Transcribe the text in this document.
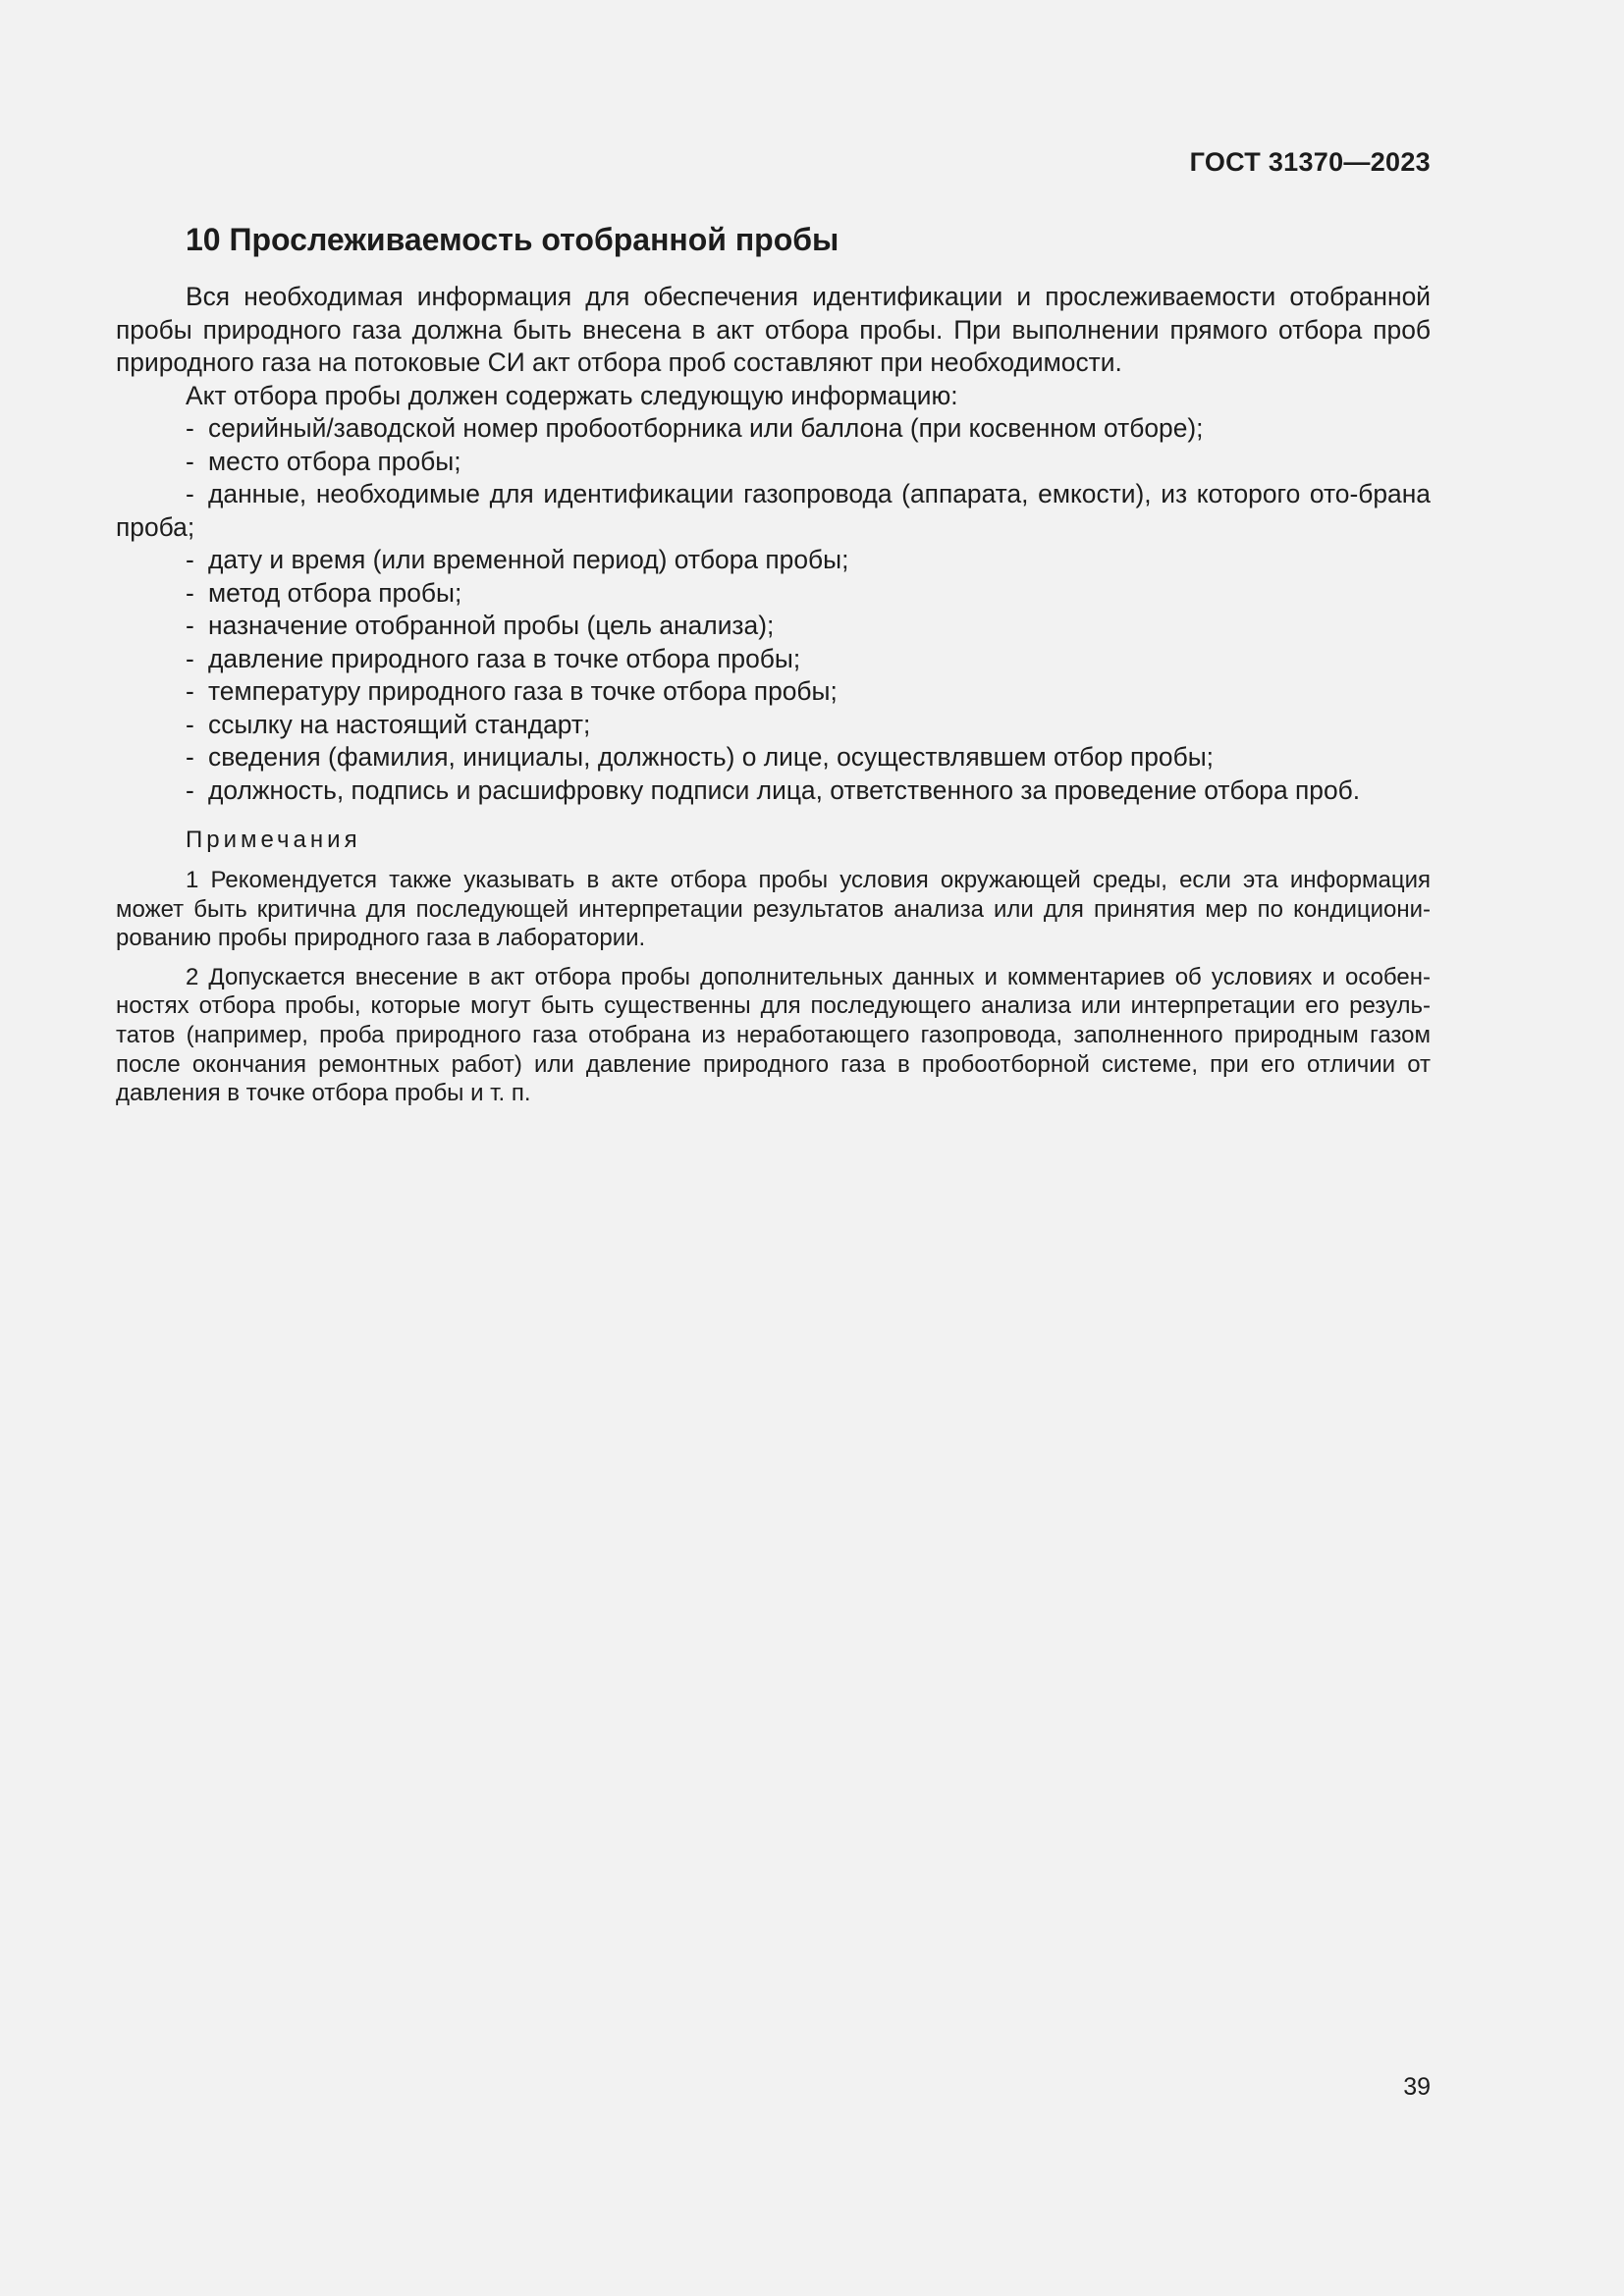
ГОСТ 31370—2023
10 Прослеживаемость отобранной пробы

Вся необходимая информация для обеспечения идентификации и прослеживаемости отобранной пробы природного газа должна быть внесена в акт отбора пробы. При выполнении прямого отбора проб природного газа на потоковые СИ акт отбора проб составляют при необходимости.

Акт отбора пробы должен содержать следующую информацию:

- серийный/заводской номер пробоотборника или баллона (при косвенном отборе);
- место отбора пробы;
- данные, необходимые для идентификации газопровода (аппарата, емкости), из которого ото-брана проба;
- дату и время (или временной период) отбора пробы;
- метод отбора пробы;
- назначение отобранной пробы (цель анализа);
- давление природного газа в точке отбора пробы;
- температуру природного газа в точке отбора пробы;
- ссылку на настоящий стандарт;
- сведения (фамилия, инициалы, должность) о лице, осуществлявшем отбор пробы;
- должность, подпись и расшифровку подписи лица, ответственного за проведение отбора проб.

Примечания

1 Рекомендуется также указывать в акте отбора пробы условия окружающей среды, если эта информация может быть критична для последующей интерпретации результатов анализа или для принятия мер по кондициони-рованию пробы природного газа в лаборатории.

2 Допускается внесение в акт отбора пробы дополнительных данных и комментариев об условиях и особен-ностях отбора пробы, которые могут быть существенны для последующего анализа или интерпретации его резуль-татов (например, проба природного газа отобрана из неработающего газопровода, заполненного природным газом после окончания ремонтных работ) или давление природного газа в пробоотборной системе, при его отличии от давления в точке отбора пробы и т. п.

39
